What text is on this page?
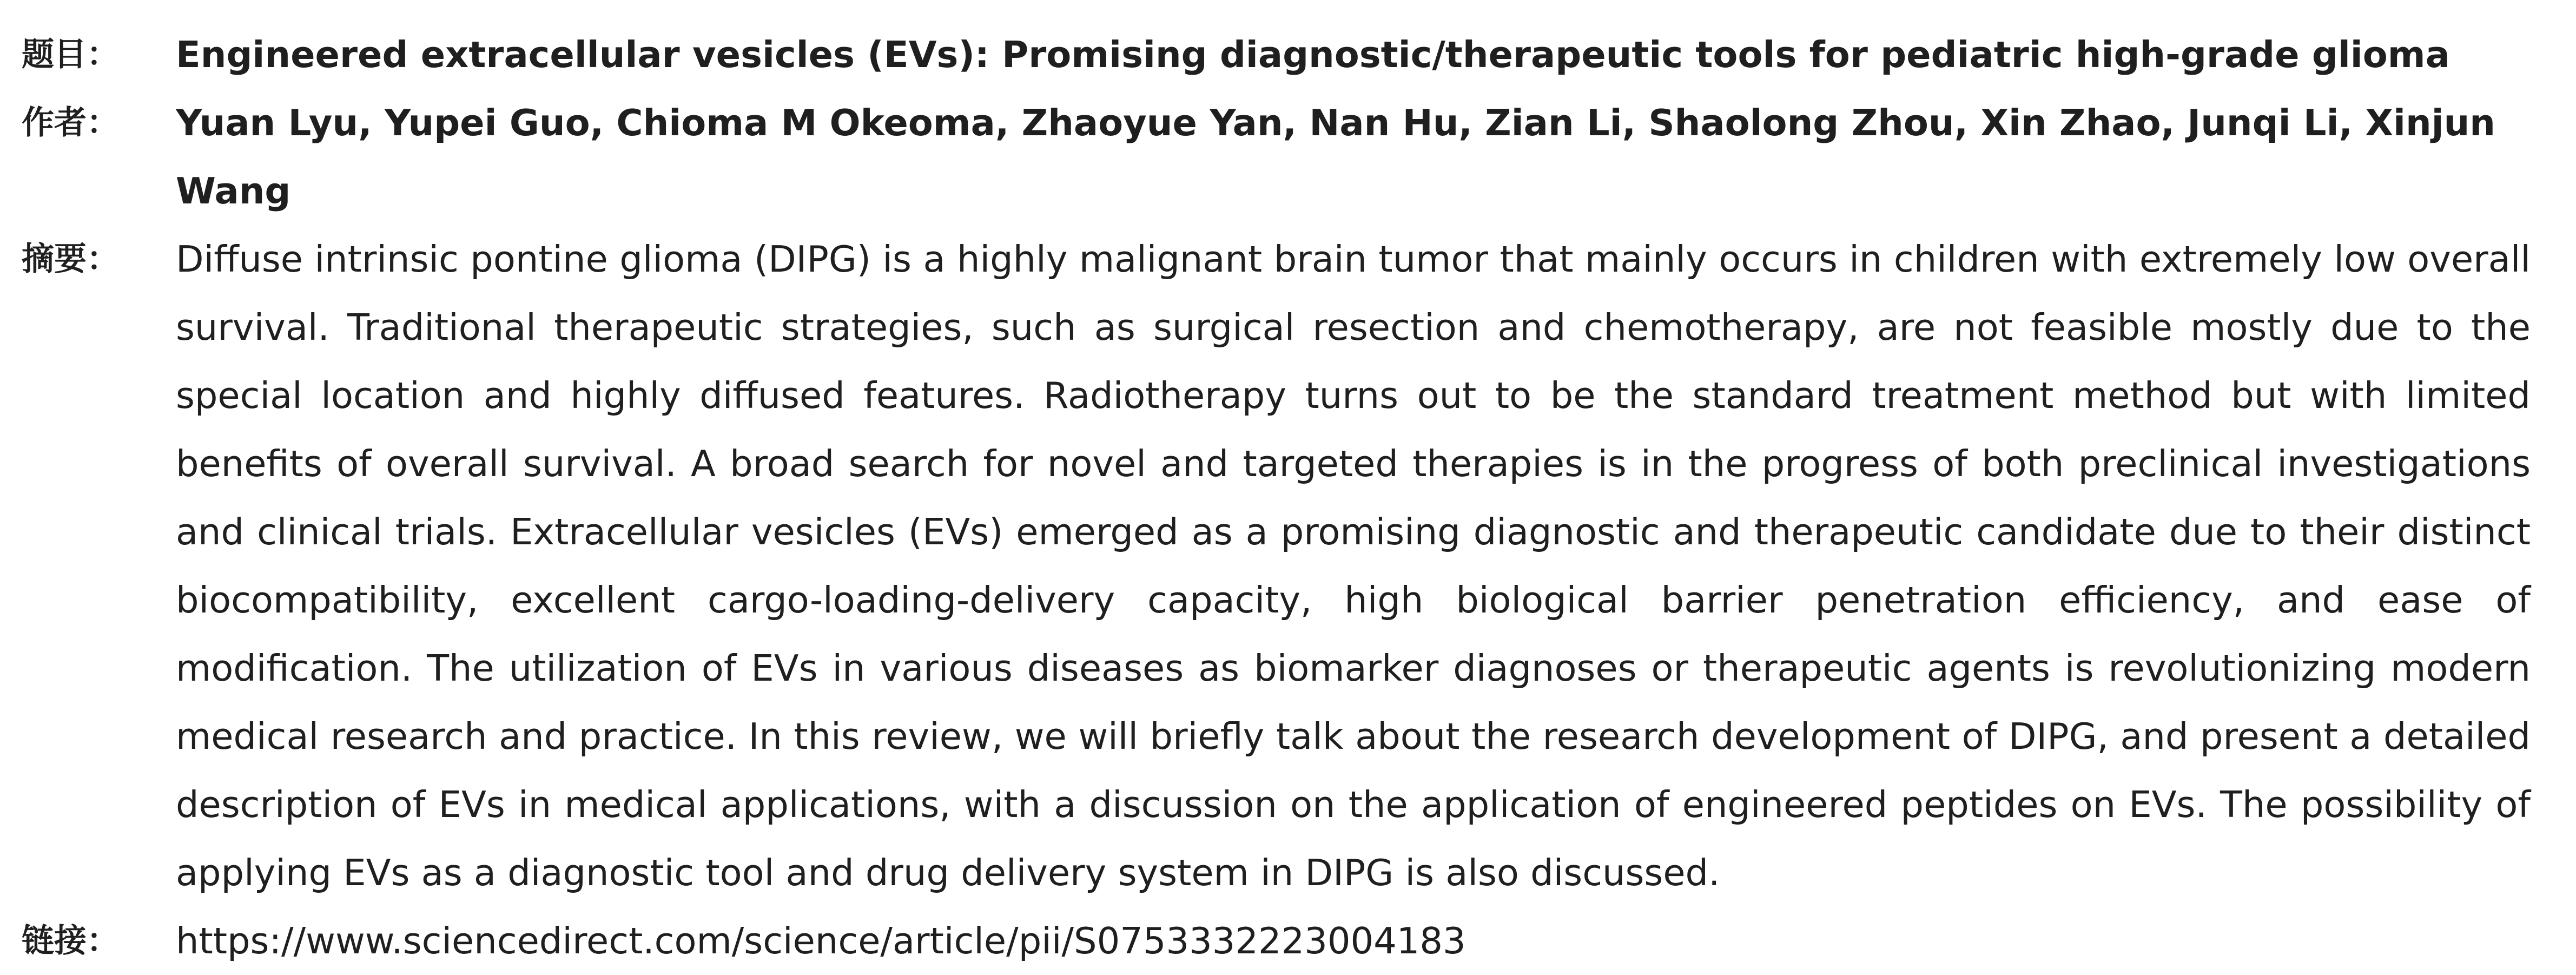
题目：	Engineered extracellular vesicles (EVs): Promising diagnostic/therapeutic tools for pediatric high-grade glioma
作者：	Yuan Lyu, Yupei Guo, Chioma M Okeoma, Zhaoyue Yan, Nan Hu, Zian Li, Shaolong Zhou, Xin Zhao, Junqi Li, Xinjun Wang
摘要：	Diffuse intrinsic pontine glioma (DIPG) is a highly malignant brain tumor that mainly occurs in children with extremely low overall survival. Traditional therapeutic strategies, such as surgical resection and chemotherapy, are not feasible mostly due to the special location and highly diffused features. Radiotherapy turns out to be the standard treatment method but with limited benefits of overall survival. A broad search for novel and targeted therapies is in the progress of both preclinical investigations and clinical trials. Extracellular vesicles (EVs) emerged as a promising diagnostic and therapeutic candidate due to their distinct biocompatibility, excellent cargo-loading-delivery capacity, high biological barrier penetration efficiency, and ease of modification. The utilization of EVs in various diseases as biomarker diagnoses or therapeutic agents is revolutionizing modern medical research and practice. In this review, we will briefly talk about the research development of DIPG, and present a detailed description of EVs in medical applications, with a discussion on the application of engineered peptides on EVs. The possibility of applying EVs as a diagnostic tool and drug delivery system in DIPG is also discussed.
链接：	https://www.sciencedirect.com/science/article/pii/S0753332223004183
